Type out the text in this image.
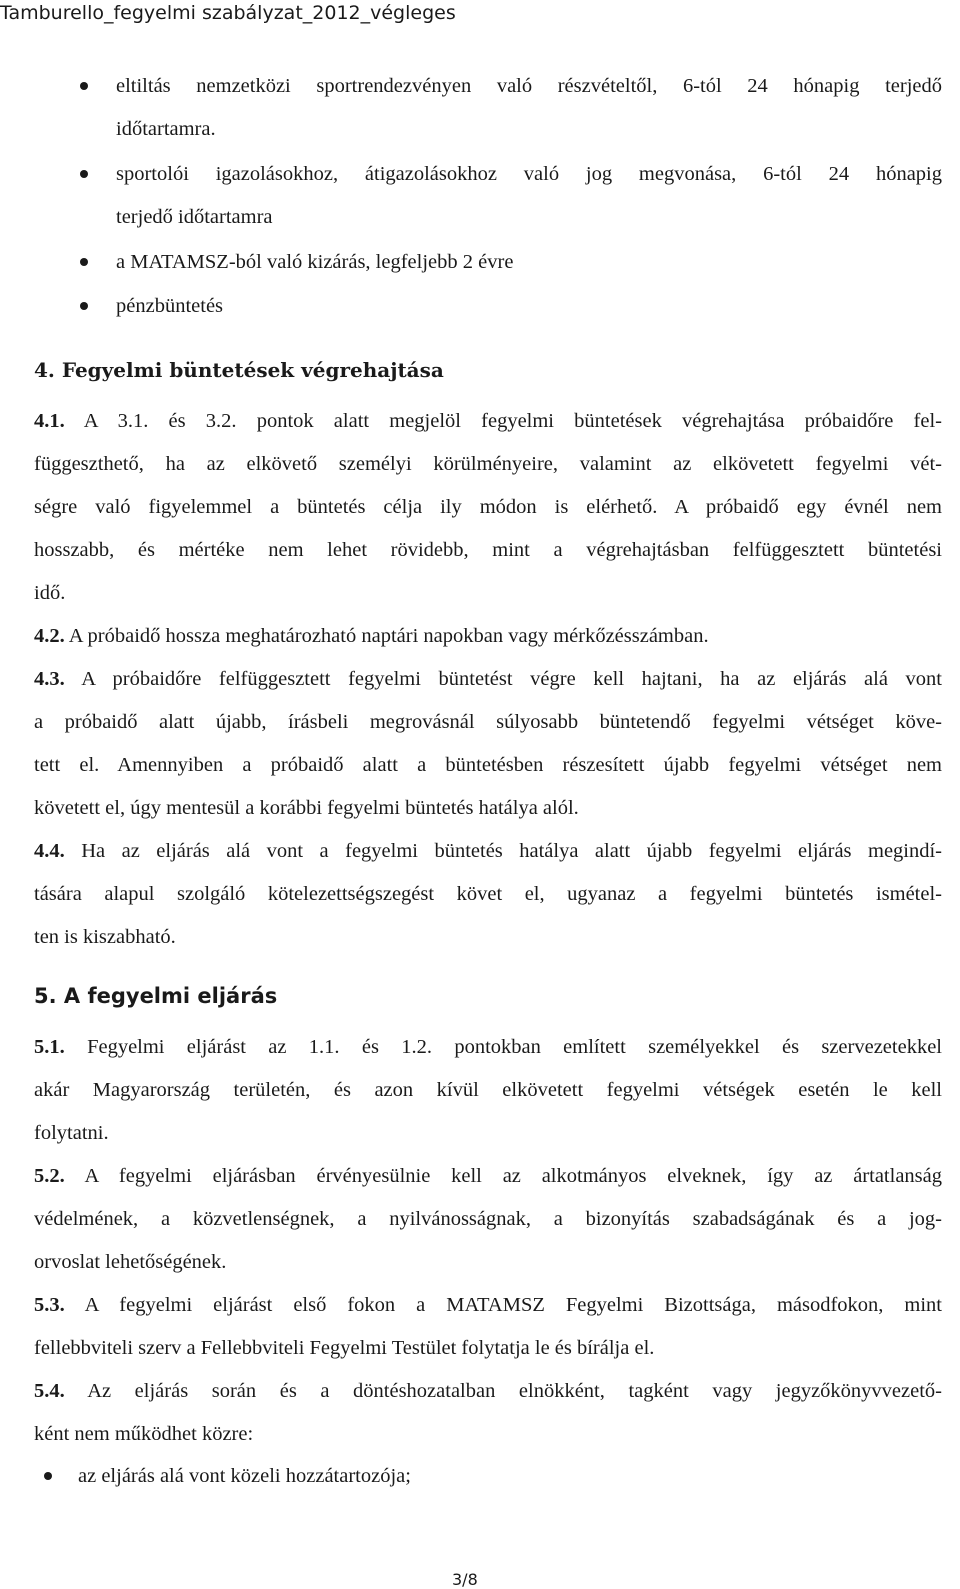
Tamburello_fegyelmi szabályzat_2012_végleges
eltiltás nemzetközi sportrendezvényen való részvételtől, 6-tól 24 hónapig terjedő
időtartamra.
sportolói igazolásokhoz, átigazolásokhoz való jog megvonása, 6-tól 24 hónapig
terjedő időtartamra
a MATAMSZ-ból való kizárás, legfeljebb 2 évre
pénzbüntetés
4. Fegyelmi büntetések végrehajtása
4.1. A 3.1. és 3.2. pontok alatt megjelöl fegyelmi büntetések végrehajtása próbaidőre fel-
függeszthető, ha az elkövető személyi körülményeire, valamint az elkövetett fegyelmi vét-
ségre való figyelemmel a büntetés célja ily módon is elérhető. A próbaidő egy évnél nem
hosszabb, és mértéke nem lehet rövidebb, mint a végrehajtásban felfüggesztett büntetési
idő.
4.2. A próbaidő hossza meghatározható naptári napokban vagy mérkőzésszámban.
4.3. A próbaidőre felfüggesztett fegyelmi büntetést végre kell hajtani, ha az eljárás alá vont
a próbaidő alatt újabb, írásbeli megrovásnál súlyosabb büntetendő fegyelmi vétséget köve-
tett el. Amennyiben a próbaidő alatt a büntetésben részesített újabb fegyelmi vétséget nem
követett el, úgy mentesül a korábbi fegyelmi büntetés hatálya alól.
4.4. Ha az eljárás alá vont a fegyelmi büntetés hatálya alatt újabb fegyelmi eljárás megindí-
tására alapul szolgáló kötelezettségszegést követ el, ugyanaz a fegyelmi büntetés ismétel-
ten is kiszabható.
5. A fegyelmi eljárás
5.1. Fegyelmi eljárást az 1.1. és 1.2. pontokban említett személyekkel és szervezetekkel
akár Magyarország területén, és azon kívül elkövetett fegyelmi vétségek esetén le kell
folytatni.
5.2. A fegyelmi eljárásban érvényesülnie kell az alkotmányos elveknek, így az ártatlanság
védelmének, a közvetlenségnek, a nyilvánosságnak, a bizonyítás szabadságának és a jog-
orvoslat lehetőségének.
5.3. A fegyelmi eljárást első fokon a MATAMSZ Fegyelmi Bizottsága, másodfokon, mint
fellebbviteli szerv a Fellebbviteli Fegyelmi Testület folytatja le és bírálja el.
5.4. Az eljárás során és a döntéshozatalban elnökként, tagként vagy jegyzőkönyvvezető-
ként nem működhet közre:
az eljárás alá vont közeli hozzátartozója;
3/8
